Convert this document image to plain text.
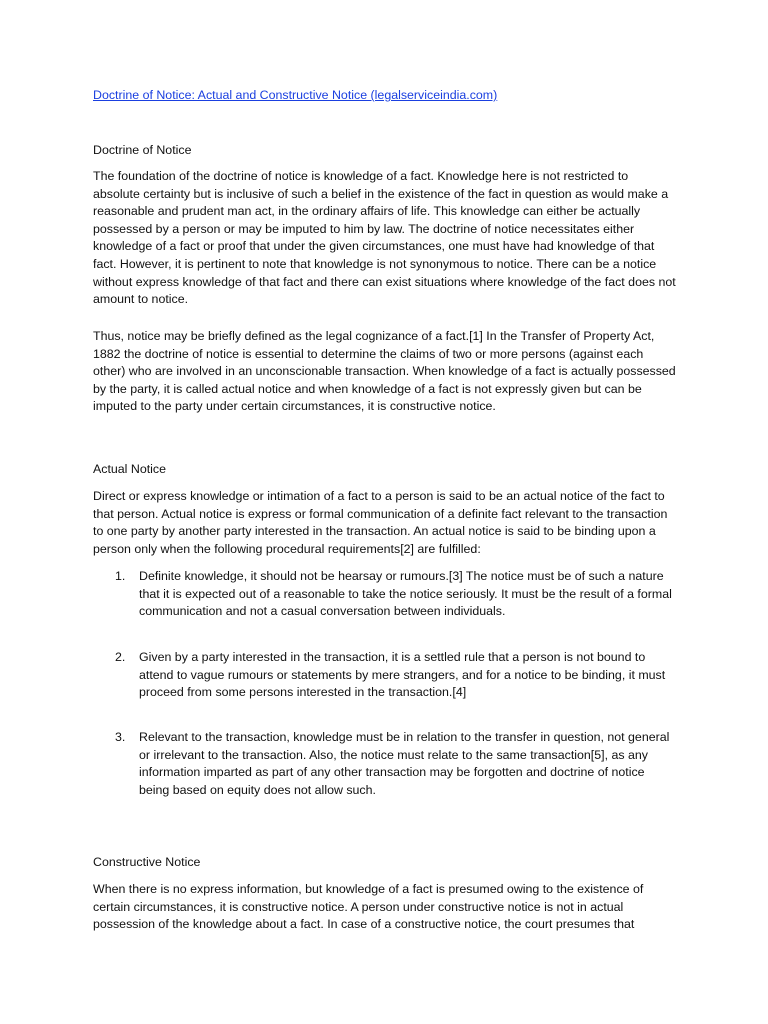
Doctrine of Notice: Actual and Constructive Notice (legalserviceindia.com)

Doctrine of Notice

The foundation of the doctrine of notice is knowledge of a fact. Knowledge here is not restricted to absolute certainty but is inclusive of such a belief in the existence of the fact in question as would make a reasonable and prudent man act, in the ordinary affairs of life. This knowledge can either be actually possessed by a person or may be imputed to him by law. The doctrine of notice necessitates either knowledge of a fact or proof that under the given circumstances, one must have had knowledge of that fact. However, it is pertinent to note that knowledge is not synonymous to notice. There can be a notice without express knowledge of that fact and there can exist situations where knowledge of the fact does not amount to notice.

Thus, notice may be briefly defined as the legal cognizance of a fact.[1] In the Transfer of Property Act, 1882 the doctrine of notice is essential to determine the claims of two or more persons (against each other) who are involved in an unconscionable transaction. When knowledge of a fact is actually possessed by the party, it is called actual notice and when knowledge of a fact is not expressly given but can be imputed to the party under certain circumstances, it is constructive notice.

Actual Notice

Direct or express knowledge or intimation of a fact to a person is said to be an actual notice of the fact to that person. Actual notice is express or formal communication of a definite fact relevant to the transaction to one party by another party interested in the transaction. An actual notice is said to be binding upon a person only when the following procedural requirements[2] are fulfilled:

1. Definite knowledge, it should not be hearsay or rumours.[3] The notice must be of such a nature that it is expected out of a reasonable to take the notice seriously. It must be the result of a formal communication and not a casual conversation between individuals.
2. Given by a party interested in the transaction, it is a settled rule that a person is not bound to attend to vague rumours or statements by mere strangers, and for a notice to be binding, it must proceed from some persons interested in the transaction.[4]
3. Relevant to the transaction, knowledge must be in relation to the transfer in question, not general or irrelevant to the transaction. Also, the notice must relate to the same transaction[5], as any information imparted as part of any other transaction may be forgotten and doctrine of notice being based on equity does not allow such.

Constructive Notice

When there is no express information, but knowledge of a fact is presumed owing to the existence of certain circumstances, it is constructive notice. A person under constructive notice is not in actual possession of the knowledge about a fact. In case of a constructive notice, the court presumes that
